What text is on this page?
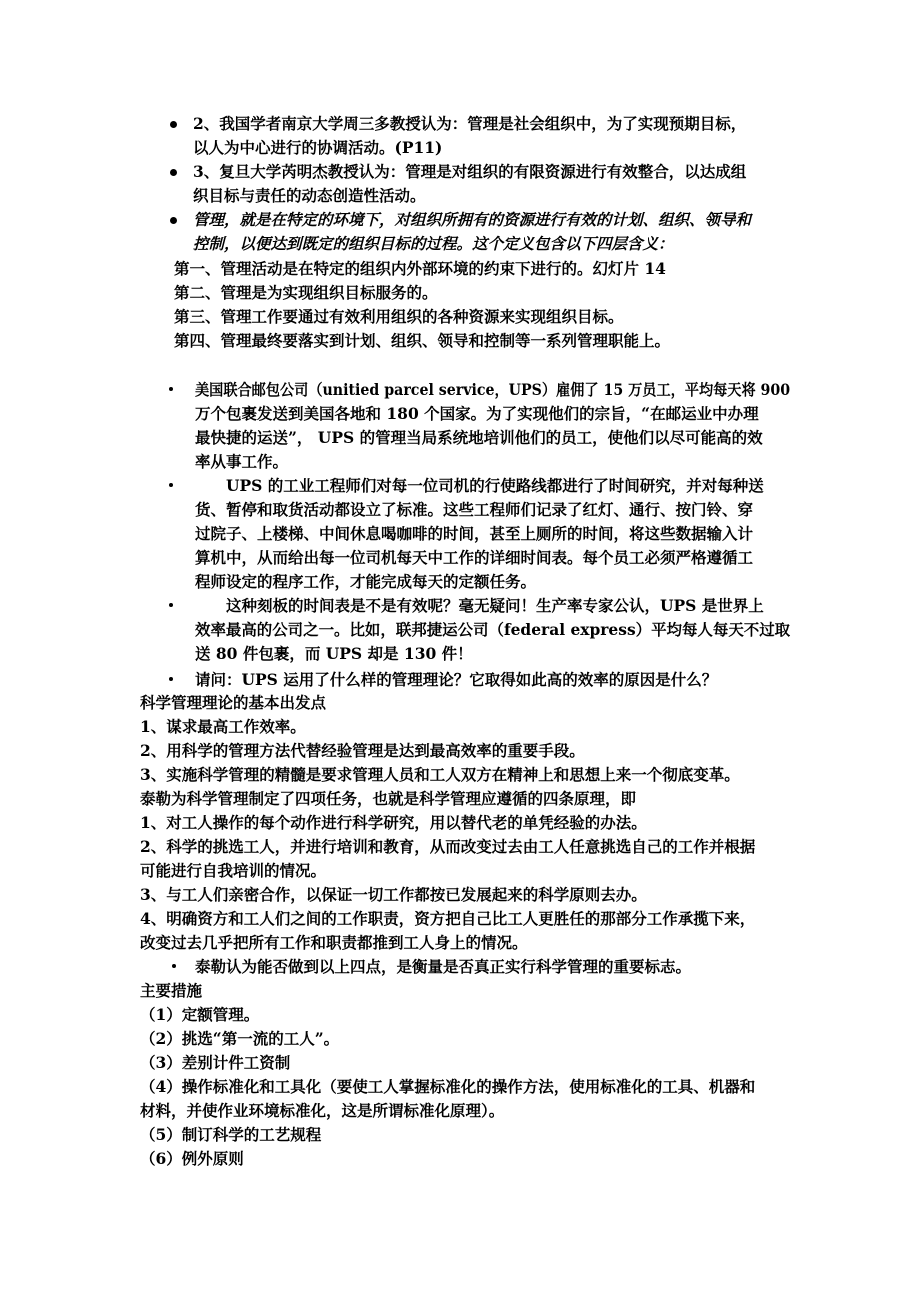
2、我国学者南京大学周三多教授认为：管理是社会组织中，为了实现预期目标，
以人为中心进行的协调活动。(P11)
3、复旦大学芮明杰教授认为：管理是对组织的有限资源进行有效整合，以达成组
织目标与责任的动态创造性活动。
管理，就是在特定的环境下，对组织所拥有的资源进行有效的计划、组织、领导和
控制，以便达到既定的组织目标的过程。这个定义包含以下四层含义：
第一、管理活动是在特定的组织内外部环境的约束下进行的。幻灯片 14
第二、管理是为实现组织目标服务的。
第三、管理工作要通过有效利用组织的各种资源来实现组织目标。
第四、管理最终要落实到计划、组织、领导和控制等一系列管理职能上。
美国联合邮包公司（unitied parcel service，UPS）雇佣了 15 万员工，平均每天将 900
万个包裹发送到美国各地和 180 个国家。为了实现他们的宗旨，“在邮运业中办理
最快捷的运送”， UPS 的管理当局系统地培训他们的员工，使他们以尽可能高的效
率从事工作。
UPS 的工业工程师们对每一位司机的行使路线都进行了时间研究，并对每种送
货、暂停和取货活动都设立了标准。这些工程师们记录了红灯、通行、按门铃、穿
过院子、上楼梯、中间休息喝咖啡的时间，甚至上厕所的时间，将这些数据输入计
算机中，从而给出每一位司机每天中工作的详细时间表。每个员工必须严格遵循工
程师设定的程序工作，才能完成每天的定额任务。
这种刻板的时间表是不是有效呢？毫无疑问！生产率专家公认，UPS 是世界上
效率最高的公司之一。比如，联邦捷运公司（federal express）平均每人每天不过取
送 80 件包裹，而 UPS 却是 130 件！
请问：UPS 运用了什么样的管理理论？它取得如此高的效率的原因是什么？
科学管理理论的基本出发点
1、谋求最高工作效率。
2、用科学的管理方法代替经验管理是达到最高效率的重要手段。
3、实施科学管理的精髓是要求管理人员和工人双方在精神上和思想上来一个彻底变革。
泰勒为科学管理制定了四项任务，也就是科学管理应遵循的四条原理，即
1、对工人操作的每个动作进行科学研究，用以替代老的单凭经验的办法。
2、科学的挑选工人，并进行培训和教育，从而改变过去由工人任意挑选自己的工作并根据
可能进行自我培训的情况。
3、与工人们亲密合作，以保证一切工作都按已发展起来的科学原则去办。
4、明确资方和工人们之间的工作职责，资方把自己比工人更胜任的那部分工作承揽下来，
改变过去几乎把所有工作和职责都推到工人身上的情况。
泰勒认为能否做到以上四点，是衡量是否真正实行科学管理的重要标志。
主要措施
（1）定额管理。
（2）挑选“第一流的工人”。
（3）差别计件工资制
（4）操作标准化和工具化（要使工人掌握标准化的操作方法，使用标准化的工具、机器和
材料，并使作业环境标准化，这是所谓标准化原理）。
（5）制订科学的工艺规程
（6）例外原则
